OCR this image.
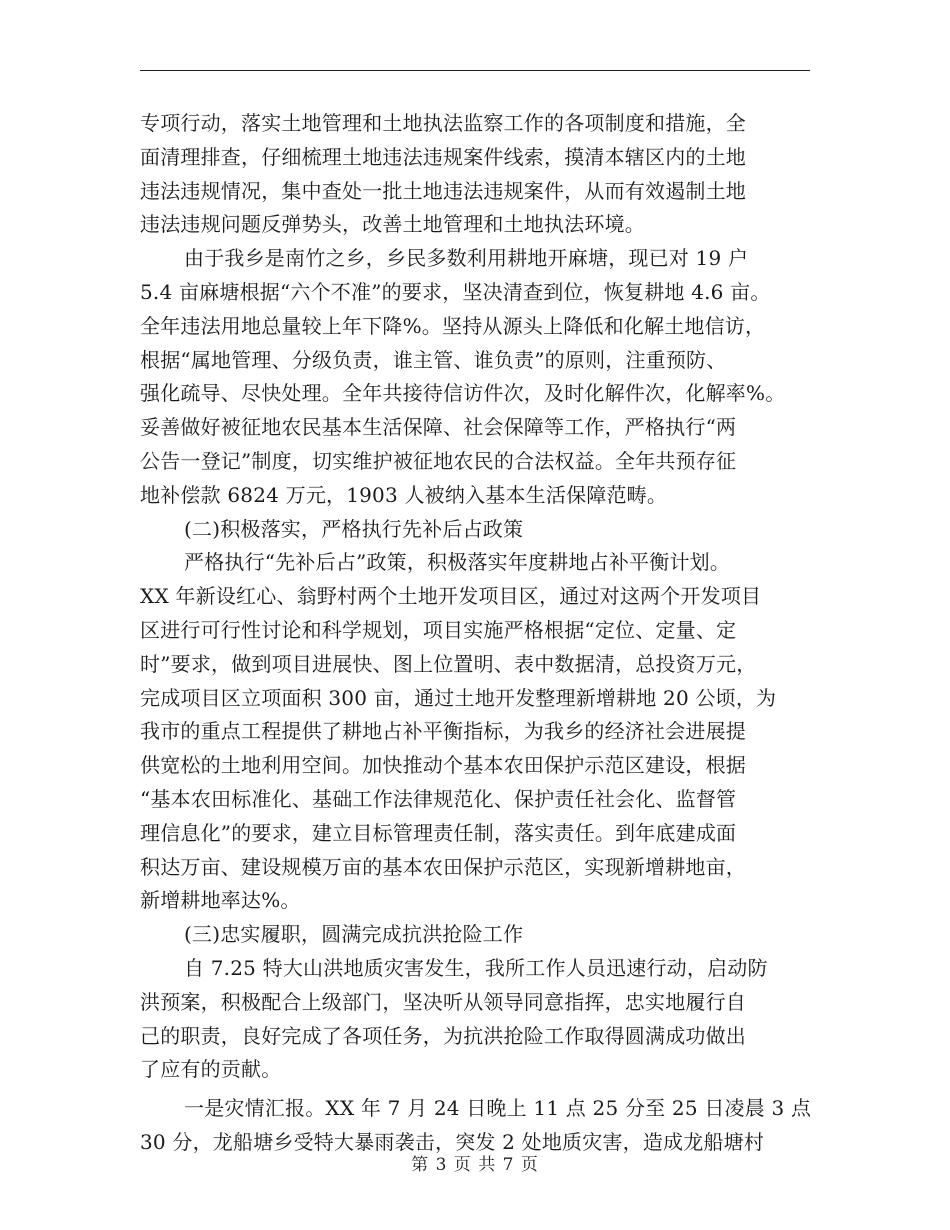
专项行动，落实土地管理和土地执法监察工作的各项制度和措施，全
面清理排查，仔细梳理土地违法违规案件线索，摸清本辖区内的土地
违法违规情况，集中查处一批土地违法违规案件，从而有效遏制土地
违法违规问题反弹势头，改善土地管理和土地执法环境。
由于我乡是南竹之乡，乡民多数利用耕地开麻塘，现已对 19 户
5.4 亩麻塘根据“六个不准”的要求，坚决清查到位，恢复耕地 4.6 亩。
全年违法用地总量较上年下降%。坚持从源头上降低和化解土地信访，
根据“属地管理、分级负责，谁主管、谁负责”的原则，注重预防、
强化疏导、尽快处理。全年共接待信访件次，及时化解件次，化解率%。
妥善做好被征地农民基本生活保障、社会保障等工作，严格执行“两
公告一登记”制度，切实维护被征地农民的合法权益。全年共预存征
地补偿款 6824 万元，1903 人被纳入基本生活保障范畴。
(二)积极落实，严格执行先补后占政策
严格执行“先补后占”政策，积极落实年度耕地占补平衡计划。
XX 年新设红心、翁野村两个土地开发项目区，通过对这两个开发项目
区进行可行性讨论和科学规划，项目实施严格根据“定位、定量、定
时”要求，做到项目进展快、图上位置明、表中数据清，总投资万元，
完成项目区立项面积 300 亩，通过土地开发整理新增耕地 20 公顷，为
我市的重点工程提供了耕地占补平衡指标，为我乡的经济社会进展提
供宽松的土地利用空间。加快推动个基本农田保护示范区建设，根据
“基本农田标准化、基础工作法律规范化、保护责任社会化、监督管
理信息化”的要求，建立目标管理责任制，落实责任。到年底建成面
积达万亩、建设规模万亩的基本农田保护示范区，实现新增耕地亩，
新增耕地率达%。
(三)忠实履职，圆满完成抗洪抢险工作
自 7.25 特大山洪地质灾害发生，我所工作人员迅速行动，启动防
洪预案，积极配合上级部门，坚决听从领导同意指挥，忠实地履行自
己的职责，良好完成了各项任务，为抗洪抢险工作取得圆满成功做出
了应有的贡献。
一是灾情汇报。XX 年 7 月 24 日晚上 11 点 25 分至 25 日凌晨 3 点
30 分，龙船塘乡受特大暴雨袭击，突发 2 处地质灾害，造成龙船塘村
第 3 页 共 7 页
